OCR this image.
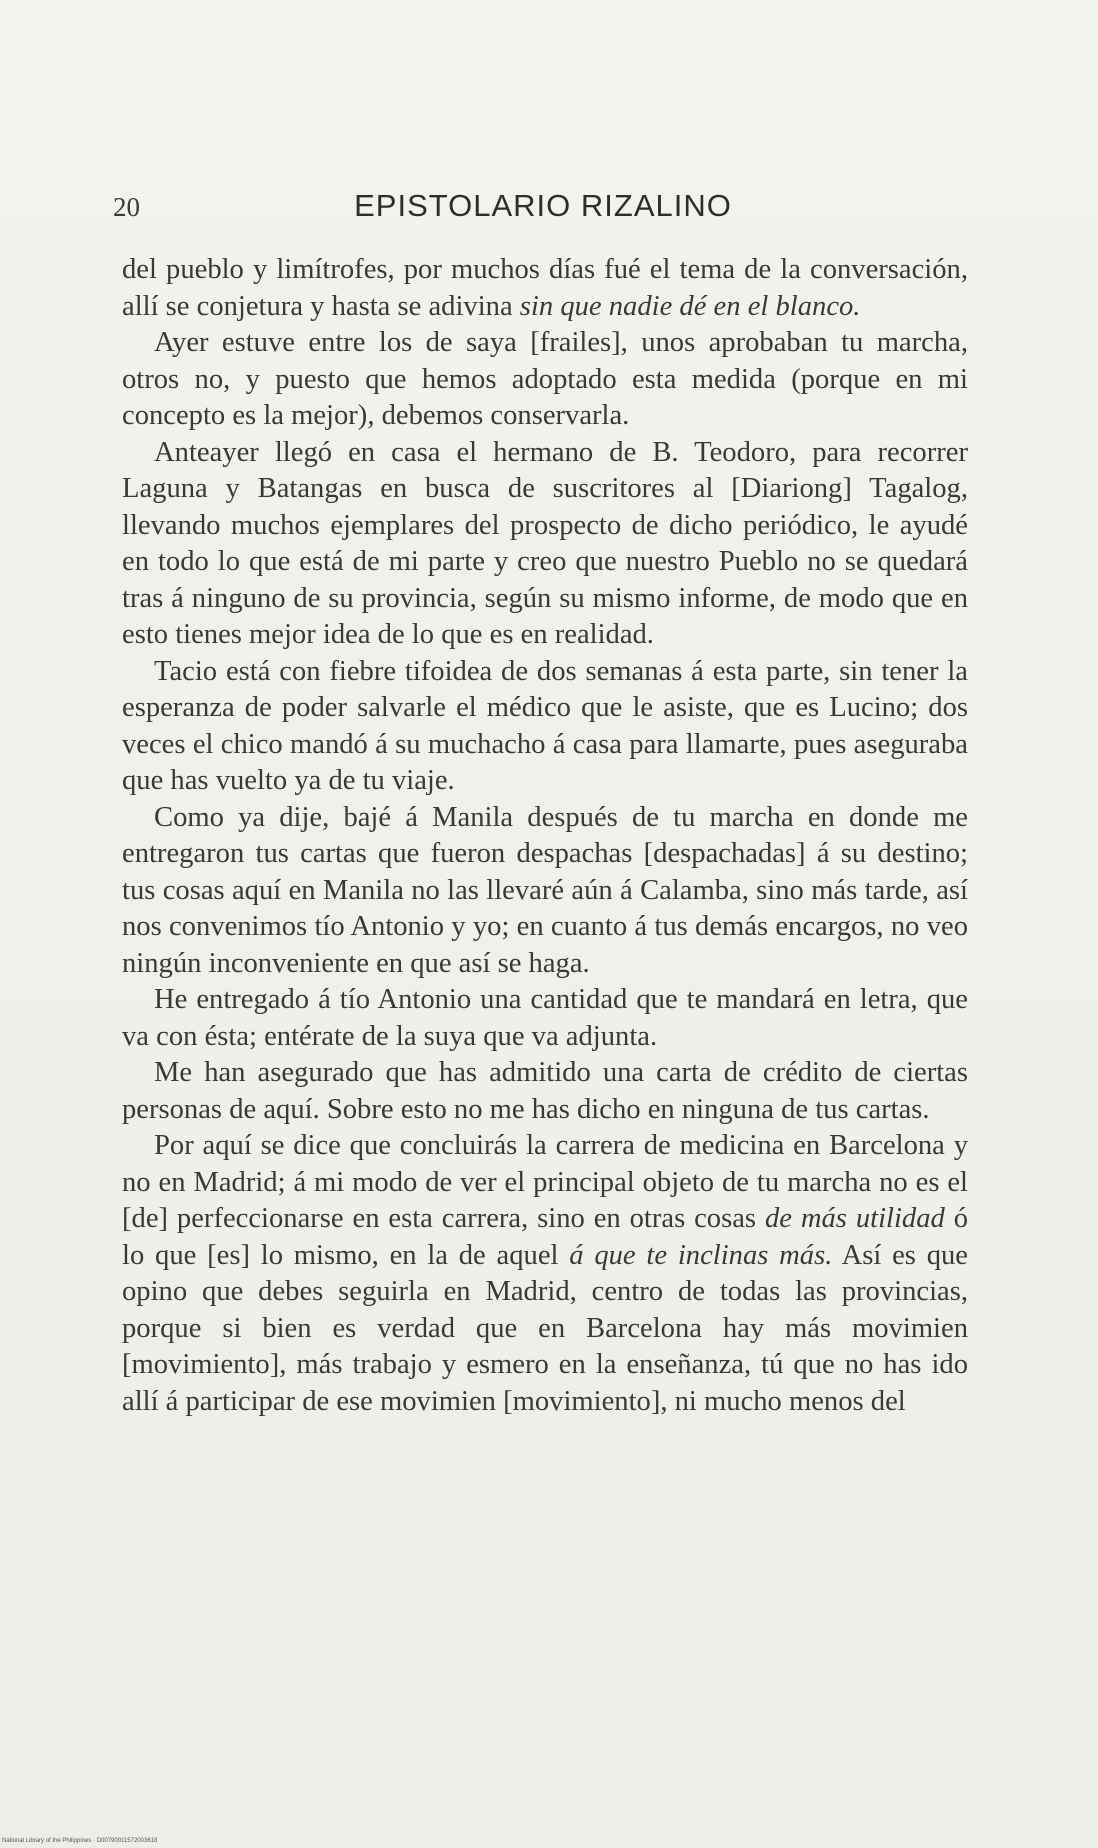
20	EPISTOLARIO RIZALINO

del pueblo y limítrofes, por muchos días fué el tema de la conversación, allí se conjetura y hasta se adivina sin que nadie dé en el blanco.

Ayer estuve entre los de saya [frailes], unos aprobaban tu marcha, otros no, y puesto que hemos adoptado esta medida (porque en mi concepto es la mejor), debemos conservarla.

Anteayer llegó en casa el hermano de B. Teodoro, para recorrer Laguna y Batangas en busca de suscritores al [Diariong] Tagalog, llevando muchos ejemplares del prospecto de dicho periódico, le ayudé en todo lo que está de mi parte y creo que nuestro Pueblo no se quedará tras á ninguno de su provincia, según su mismo informe, de modo que en esto tienes mejor idea de lo que es en realidad.

Tacio está con fiebre tifoidea de dos semanas á esta parte, sin tener la esperanza de poder salvarle el médico que le asiste, que es Lucino; dos veces el chico mandó á su muchacho á casa para llamarte, pues aseguraba que has vuelto ya de tu viaje.

Como ya dije, bajé á Manila después de tu marcha en donde me entregaron tus cartas que fueron despachas [despachadas] á su destino; tus cosas aquí en Manila no las llevaré aún á Calamba, sino más tarde, así nos convenimos tío Antonio y yo; en cuanto á tus demás encargos, no veo ningún inconveniente en que así se haga.

He entregado á tío Antonio una cantidad que te mandará en letra, que va con ésta; entérate de la suya que va adjunta.

Me han asegurado que has admitido una carta de crédito de ciertas personas de aquí. Sobre esto no me has dicho en ninguna de tus cartas.

Por aquí se dice que concluirás la carrera de medicina en Barcelona y no en Madrid; á mi modo de ver el principal objeto de tu marcha no es el [de] perfeccionarse en esta carrera, sino en otras cosas de más utilidad ó lo que [es] lo mismo, en la de aquel á que te inclinas más. Así es que opino que debes seguirla en Madrid, centro de todas las provincias, porque si bien es verdad que en Barcelona hay más movimien [movimiento], más trabajo y esmero en la enseñanza, tú que no has ido allí á participar de ese movimien [movimiento], ni mucho menos del

National Library of the Philippines · D00790011572003618
